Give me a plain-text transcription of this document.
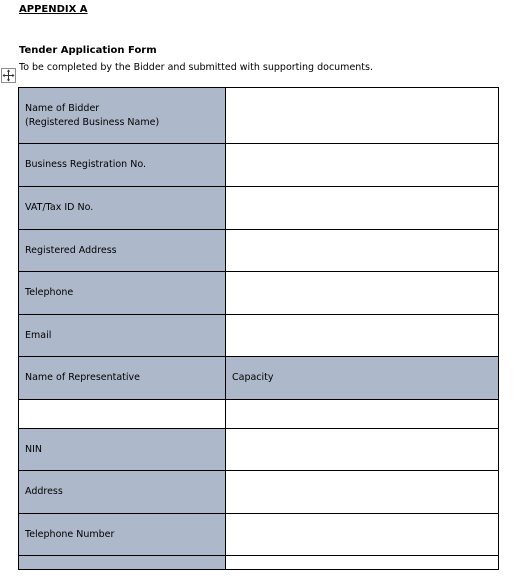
APPENDIX A
Tender Application Form
To be completed by the Bidder and submitted with supporting documents.
Name of Bidder
(Registered Business Name)	

Business Registration No.	
VAT/Tax ID No.	
Registered Address	
Telephone	
Email	
Name of Representative	Capacity

NIN	
Address	
Telephone Number	
